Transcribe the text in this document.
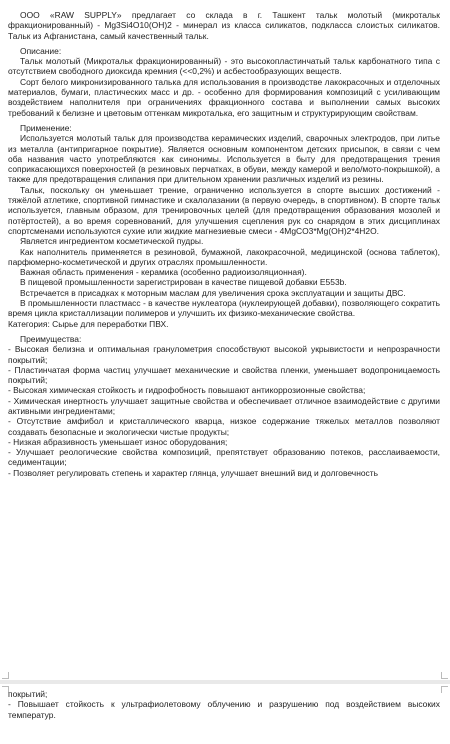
ООО «RAW SUPPLY» предлагает со склада в г. Ташкент тальк молотый (микротальк фракционированный) - Mg3Si4O10(OH)2 - минерал из класса силикатов, подкласса слоистых силикатов. Тальк из Афганистана, самый качественный тальк.

Описание:

Тальк молотый (Микротальк фракционированный) - это высокопластинчатый тальк карбонатного типа с отсутствием свободного диоксида кремния (<<0,2%) и асбестообразующих веществ.

Сорт белого микронизированного талька для использования в производстве лакокрасочных и отделочных материалов, бумаги, пластических масс и др. - особенно для формирования композиций с усиливающим воздействием наполнителя при ограничениях фракционного состава и выполнении самых высоких требований к белизне и цветовым оттенкам микроталька, его защитным и структурирующим свойствам.

Применение:

Используется молотый тальк для производства керамических изделий, сварочных электродов, при литье из металла (антипригарное покрытие). Является основным компонентом детских присыпок, в связи с чем оба названия часто употребляются как синонимы. Используется в быту для предотвращения трения соприкасающихся поверхностей (в резиновых перчатках, в обуви, между камерой и вело/мото-покрышкой), а также для предотвращения слипания при длительном хранении различных изделий из резины.

Тальк, поскольку он уменьшает трение, ограниченно используется в спорте высших достижений - тяжёлой атлетике, спортивной гимнастике и скалолазании (в первую очередь, в спортивном). В спорте тальк используется, главным образом, для тренировочных целей (для предотвращения образования мозолей и потёртостей), а во время соревнований, для улучшения сцепления рук со снарядом в этих дисциплинах спортсменами используются сухие или жидкие магнезиевые смеси - 4MgCO3*Mg(OH)2*4H2O.

Является ингредиентом косметической пудры.

Как наполнитель применяется в резиновой, бумажной, лакокрасочной, медицинской (основа таблеток), парфюмерно-косметической и других отраслях промышленности.

Важная область применения - керамика (особенно радиоизоляционная).

В пищевой промышленности зарегистрирован в качестве пищевой добавки E553b.

Встречается в присадках к моторным маслам для увеличения срока эксплуатации и защиты ДВС.

В промышленности пластмасс - в качестве нуклеатора (нуклеирующей добавки), позволяющего сократить время цикла кристаллизации полимеров и улучшить их физико-механические свойства.

Категория: Сырье для переработки ПВХ.

Преимущества:

- Высокая белизна и оптимальная гранулометрия способствуют высокой укрывистости и непрозрачности покрытий;

- Пластинчатая форма частиц улучшает механические и свойства пленки, уменьшает водопроницаемость покрытий;

- Высокая химическая стойкость и гидрофобность повышают антикоррозионные свойства;

- Химическая инертность улучшает защитные свойства и обеспечивает отличное взаимодействие с другими активными ингредиентами;

- Отсутствие амфибол и кристаллического кварца, низкое содержание тяжелых металлов позволяют создавать безопасные и экологически чистые продукты;

- Низкая абразивность уменьшает износ оборудования;

- Улучшает реологические свойства композиций, препятствует образованию потеков, расслаиваемости, седиментации;

- Позволяет регулировать степень и характер глянца, улучшает внешний вид и долговечность

покрытий;

- Повышает стойкость к ультрафиолетовому облучению и разрушению под воздействием высоких температур.
